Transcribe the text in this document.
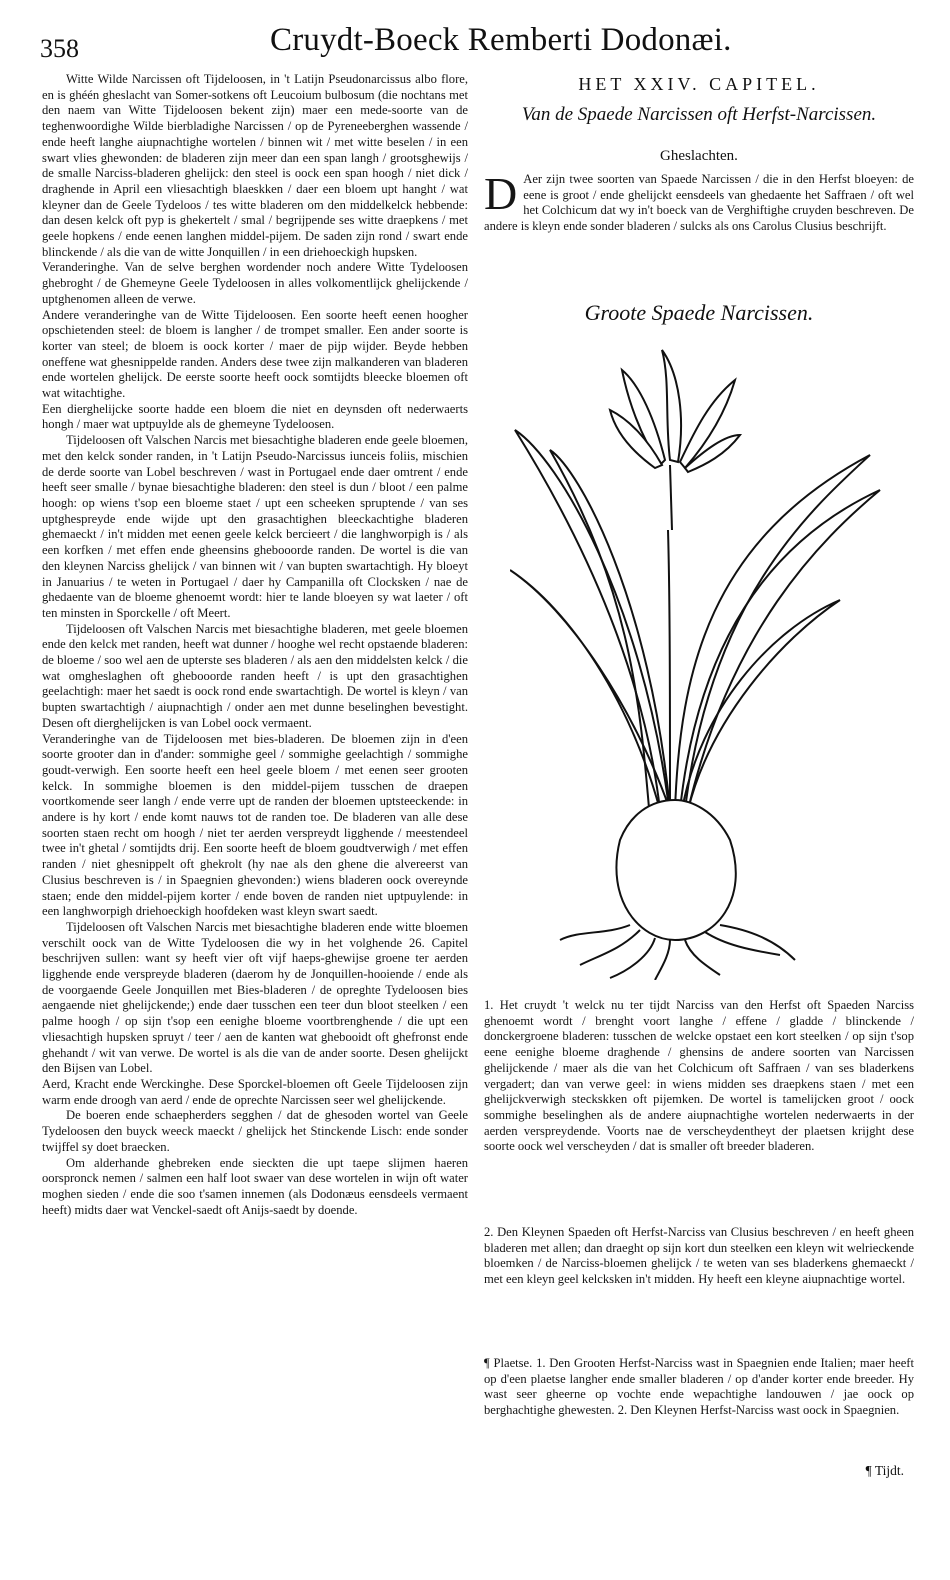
358	Cruydt-Boeck Remberti Dodonæi.

Witte Wilde Narcissen oft Tijdeloosen, in 't Latijn Pseudonarcissus albo flore, en is ghéén gheslacht van Somer-sotkens oft Leucoium bulbosum (die nochtans met den naem van Witte Tijdeloosen bekent zijn) maer een mede-soorte van de teghenwoordighe Wilde bierbladighe Narcissen / op de Pyreneeberghen wassende / ende heeft langhe aiupnachtighe wortelen / binnen wit / met witte beselen / in een swart vlies ghewonden: de bladeren zijn meer dan een span langh / grootsghewijs / de smalle Narciss-bladeren ghelijck: den steel is oock een span hoogh / niet dick / draghende in April een vliesachtigh blaeskken / daer een bloem upt hanght / wat kleyner dan de Geele Tydeloos / tes witte bladeren om den middelkelck hebbende: dan desen kelck oft pyp is ghekertelt / smal / begrijpende ses witte draepkens / met geele hopkens / ende eenen langhen middel-pijem. De saden zijn rond / swart ende blinckende / als die van de witte Jonquillen / in een driehoeckigh hupsken.

Veranderinghe. Van de selve berghen wordender noch andere Witte Tydeloosen ghebroght / de Ghemeyne Geele Tydeloosen in alles volkomentlijck ghelijckende / uptghenomen alleen de verwe.

Andere veranderinghe van de Witte Tijdeloosen. Een soorte heeft eenen hoogher opschietenden steel: de bloem is langher / de trompet smaller. Een ander soorte is korter van steel; de bloem is oock korter / maer de pijp wijder. Beyde hebben oneffene wat ghesnippelde randen. Anders dese twee zijn malkanderen van bladeren ende wortelen ghelijck. De eerste soorte heeft oock somtijdts bleecke bloemen oft wat witachtighe.

Een dierghelijcke soorte hadde een bloem die niet en deynsden oft nederwaerts hongh / maer wat uptpuylde als de ghemeyne Tydeloosen.

Tijdeloosen oft Valschen Narcis met biesachtighe bladeren ende geele bloemen, met den kelck sonder randen, in 't Latijn Pseudo-Narcissus iunceis foliis, mischien de derde soorte van Lobel beschreven / wast in Portugael ende daer omtrent / ende heeft seer smalle / bynae biesachtighe bladeren: den steel is dun / bloot / een palme hoogh: op wiens t'sop een bloeme staet / upt een scheeken spruptende / van ses uptghespreyde ende wijde upt den grasachtighen bleeckachtighe bladeren ghemaeckt / in't midden met eenen geele kelck bercieert / die langhworpigh is / als een korfken / met effen ende gheensins ghebooorde randen. De wortel is die van den kleynen Narciss ghelijck / van binnen wit / van bupten swartachtigh. Hy bloeyt in Januarius / te weten in Portugael / daer hy Campanilla oft Clocksken / nae de ghedaente van de bloeme ghenoemt wordt: hier te lande bloeyen sy wat laeter / oft ten minsten in Sporckelle / oft Meert.

Tijdeloosen oft Valschen Narcis met biesachtighe bladeren, met geele bloemen ende den kelck met randen, heeft wat dunner / hooghe wel recht opstaende bladeren: de bloeme / soo wel aen de upterste ses bladeren / als aen den middelsten kelck / die wat omgheslaghen oft ghebooorde randen heeft / is upt den grasachtighen geelachtigh: maer het saedt is oock rond ende swartachtigh. De wortel is kleyn / van bupten swartachtigh / aiupnachtigh / onder aen met dunne beselinghen bevestight. Desen oft dierghelijcken is van Lobel oock vermaent.

Veranderinghe van de Tijdeloosen met bies-bladeren. De bloemen zijn in d'een soorte grooter dan in d'ander: sommighe geel / sommighe geelachtigh / sommighe goudt-verwigh. Een soorte heeft een heel geele bloem / met eenen seer grooten kelck. In sommighe bloemen is den middel-pijem tusschen de draepen voortkomende seer langh / ende verre upt de randen der bloemen uptsteeckende: in andere is hy kort / ende komt nauws tot de randen toe. De bladeren van alle dese soorten staen recht om hoogh / niet ter aerden verspreydt ligghende / meestendeel twee in't ghetal / somtijdts drij. Een soorte heeft de bloem goudtverwigh / met effen randen / niet ghesnippelt oft ghekrolt (hy nae als den ghene die alvereerst van Clusius beschreven is / in Spaegnien ghevonden:) wiens bladeren oock overeynde staen; ende den middel-pijem korter / ende boven de randen niet uptpuylende: in een langhworpigh driehoeckigh hoofdeken wast kleyn swart saedt.

Tijdeloosen oft Valschen Narcis met biesachtighe bladeren ende witte bloemen verschilt oock van de Witte Tydeloosen die wy in het volghende 26. Capitel beschrijven sullen: want sy heeft vier oft vijf haeps-ghewijse groene ter aerden ligghende ende verspreyde bladeren (daerom hy de Jonquillen-hooiende / ende als de voorgaende Geele Jonquillen met Bies-bladeren / de opreghte Tydeloosen bies aengaende niet ghelijckende;) ende daer tusschen een teer dun bloot steelken / een palme hoogh / op sijn t'sop een eenighe bloeme voortbrenghende / die upt een vliesachtigh hupsken spruyt / teer / aen de kanten wat ghebooidt oft ghefronst ende ghehandt / wit van verwe. De wortel is als die van de ander soorte. Desen ghelijckt den Bijsen van Lobel.

Aerd, Kracht ende Werckinghe. Dese Sporckel-bloemen oft Geele Tijdeloosen zijn warm ende droogh van aerd / ende de oprechte Narcissen seer wel ghelijckende.

De boeren ende schaepherders segghen / dat de ghesoden wortel van Geele Tydeloosen den buyck weeck maeckt / ghelijck het Stinckende Lisch: ende sonder twijffel sy doet braecken.

Om alderhande ghebreken ende sieckten die upt taepe slijmen haeren oorspronck nemen / salmen een half loot swaer van dese wortelen in wijn oft water moghen sieden / ende die soo t'samen innemen (als Dodonæus eensdeels vermaent heeft) midts daer wat Venckel-saedt oft Anijs-saedt by doende.

HET XXIV. CAPITEL.
Van de Spaede Narcissen oft Herfst-Narcissen.
Gheslachten.
D Aer zijn twee soorten van Spaede Narcissen / die in den Herfst bloeyen: de eene is groot / ende ghelijckt eensdeels van ghedaente het Saffraen / oft wel het Colchicum dat wy in't boeck van de Verghiftighe cruyden beschreven. De andere is kleyn ende sonder bladeren / sulcks als ons Carolus Clusius beschrijft.
Groote Spaede Narcissen.
1. Het cruydt 't welck nu ter tijdt Narciss van den Herfst oft Spaeden Narciss ghenoemt wordt / brenght voort langhe / effene / gladde / blinckende / donckergroene bladeren: tusschen de welcke opstaet een kort steelken / op sijn t'sop eene eenighe bloeme draghende / ghensins de andere soorten van Narcissen ghelijckende / maer als die van het Colchicum oft Saffraen / van ses bladerkens vergadert; dan van verwe geel: in wiens midden ses draepkens staen / met een ghelijckverwigh steckskken oft pijemken. De wortel is tamelijcken groot / oock sommighe beselinghen als de andere aiupnachtighe wortelen nederwaerts in der aerden verspreydende. Voorts nae de verscheydentheyt der plaetsen krijght dese soorte oock wel verscheyden / dat is smaller oft breeder bladeren.
2. Den Kleynen Spaeden oft Herfst-Narciss van Clusius beschreven / en heeft gheen bladeren met allen; dan draeght op sijn kort dun steelken een kleyn wit welrieckende bloemken / de Narciss-bloemen ghelijck / te weten van ses bladerkens ghemaeckt / met een kleyn geel kelcksken in't midden. Hy heeft een kleyne aiupnachtige wortel.
¶ Plaetse. 1. Den Grooten Herfst-Narciss wast in Spaegnien ende Italien; maer heeft op d'een plaetse langher ende smaller bladeren / op d'ander korter ende breeder. Hy wast seer gheerne op vochte ende wepachtighe landouwen / jae oock op berghachtighe ghewesten. 2. Den Kleynen Herfst-Narciss wast oock in Spaegnien.
¶ Tijdt.
